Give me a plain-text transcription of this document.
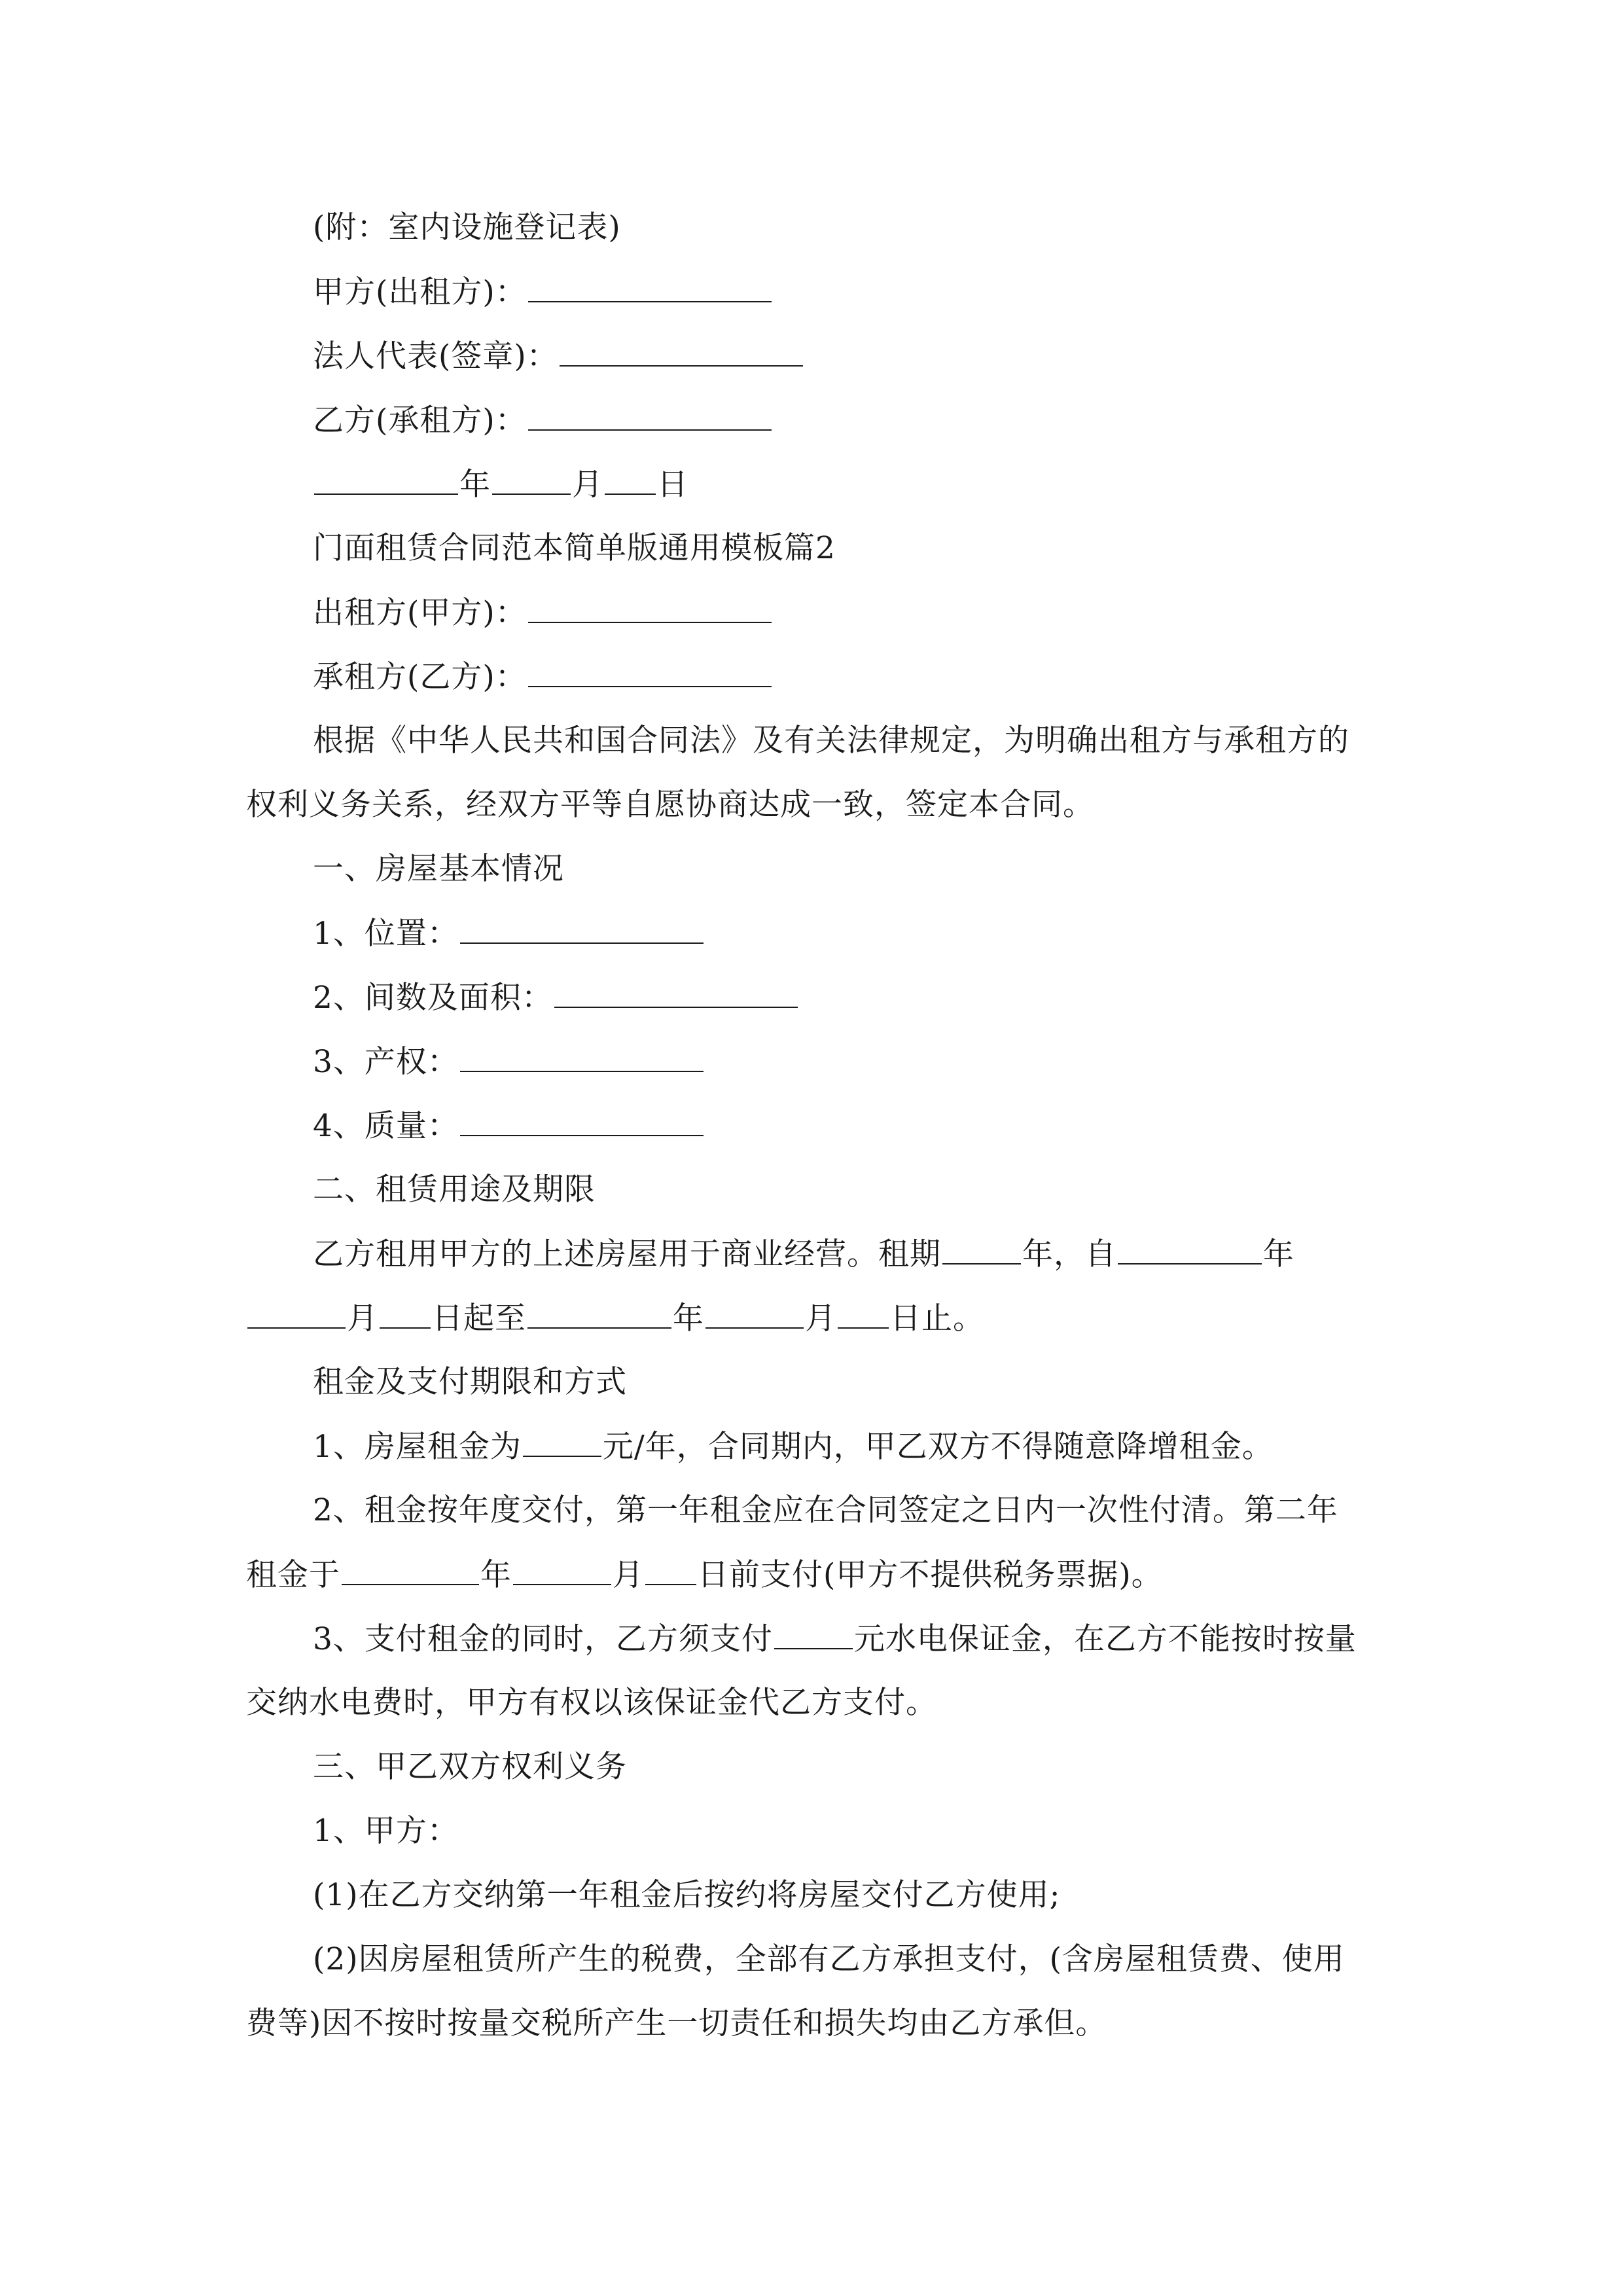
(附：室内设施登记表)
甲方(出租方)：
法人代表(签章)：
乙方(承租方)：
年	月 日
门面租赁合同范本简单版通用模板篇2
出租方(甲方)：
承租方(乙方)：
根据《中华人民共和国合同法》及有关法律规定，为明确出租方与承租方的
权利义务关系，经双方平等自愿协商达成一致，签定本合同。
一、房屋基本情况
1、位置：
2、间数及面积：
3、产权：
4、质量：
二、租赁用途及期限
乙方租用甲方的上述房屋用于商业经营。租期	年，自	年
月 日起至	年	月 日止。
租金及支付期限和方式
1、房屋租金为	元/年，合同期内，甲乙双方不得随意降增租金。
2、租金按年度交付，第一年租金应在合同签定之日内一次性付清。第二年
租金于	年	月 日前支付(甲方不提供税务票据)。
3、支付租金的同时，乙方须支付	元水电保证金，在乙方不能按时按量
交纳水电费时，甲方有权以该保证金代乙方支付。
三、甲乙双方权利义务
1、甲方：
(1)在乙方交纳第一年租金后按约将房屋交付乙方使用;
(2)因房屋租赁所产生的税费，全部有乙方承担支付，(含房屋租赁费、使用
费等)因不按时按量交税所产生一切责任和损失均由乙方承但。
